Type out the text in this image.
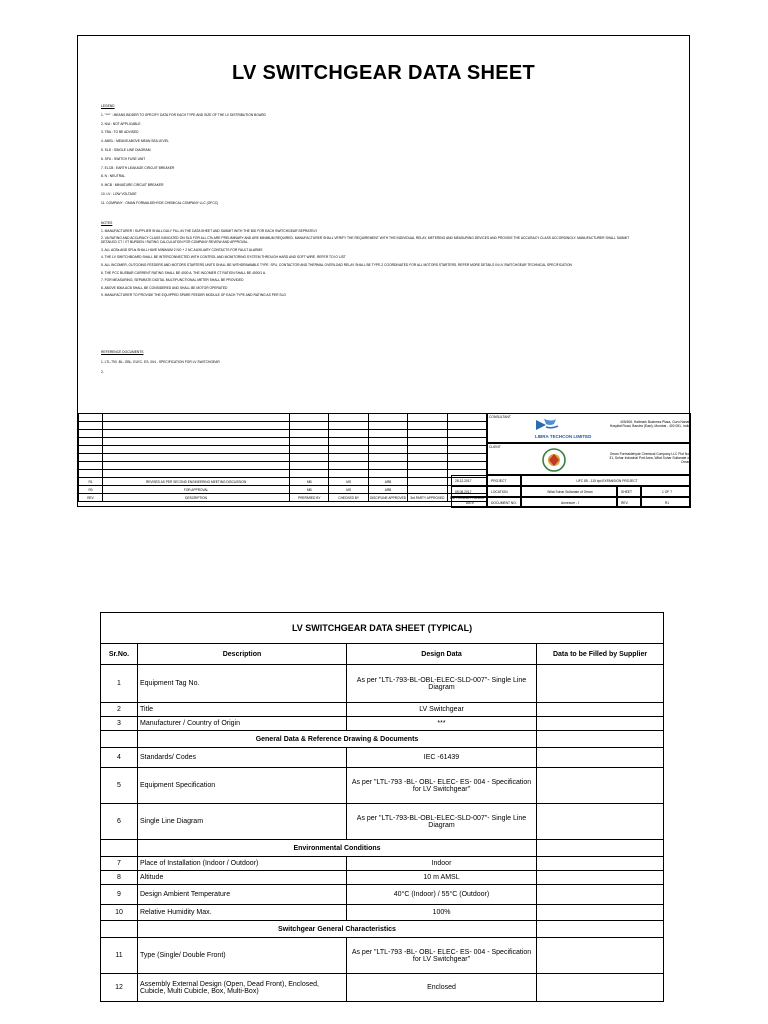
LV SWITCHGEAR DATA SHEET
LEGEND
1. "***" : MEANS BIDDER TO SPECIFY DATA FOR EACH TYPE AND SIZE OF THE LV DISTRIBUTION BOARD
2. N/A : NOT APPLICABLE
3. TBA : TO BE ADVISED
4. AMSL : MEANS ABOVE MEAN SEA LEVEL
5. SLD : SINGLE LINE DIAGRAM
6. SFU : SWITCH FUSE UNIT
7. ELCB : EARTH LEAKAGE CIRCUIT BREAKER
8. N : NEUTRAL
9. MCB : MINIATURE CIRCUIT BREAKER
10. LV : LOW VOLTAGE
11. COMPANY : OMAN FORMALDEHYDE CHEMICAL COMPANY LLC (OFCC)
NOTES
1. MANUFACTURER / SUPPLIER SHALL DULY FILL-IN THE DATA SHEET AND SUBMIT WITH THE BID FOR EACH SWITCHGEAR SEPRATELY
2. VA RATING AND ACCURACY CLASS INDICATED ON SLD FOR ALL CTs ARE PRELIMINARY AND ARE MINIMUM REQUIRED. MANUFACTURER SHALL VERIFY THE REQUIREMENT WITH THE INDIVIDUAL RELAY, METERING AND MEASURING DEVICES AND PROVIDE THE ACCURACY CLASS ACCORDINGLY. MANUFACTURER SHALL SUBMIT DETAILED CT / VT BURDEN / RATING CALCULATION FOR COMPANY REVIEW AND APPROVAL.
3. ALL ACBs AND SFUs SHALL HAVE MINIMUM 2 NO + 2 NC AUXILIARY CONTACTS FOR FAULT ALARMS
4. THE LV SWITCHBOARD SHALL BE INTERCONNECTED WITH CONTROL AND MONITORING SYSTEM THROUGH HARD AND SOFT WIRE. REFER TO IO LIST
5. ALL INCOMER, OUTGOING FEEDERS AND MOTORS STARTERS UNITS SHALL BE WITHDRAWABLE TYPE. SFU, CONTACTOR AND THERMAL OVERLOAD RELAY SHALL BE TYPE-2 COORDINATED FOR ALL MOTORS STARTERS. REFER MORE DETAILS IN LV SWITCHGEAR TECHNICAL SPECIFICATION
6. THE PCC BUSBAR CURRENT RATING SHALL BE 4000 A. THE INCOMER CT RATION SHALL BE 4000/1 A.
7. FOR MEASURING, SEPARATE DIGITAL MULTIFUNCTIONAL METER SHALL BE PROVIDED
8. ABOVE 800A ACB SHALL BE CONSIDERED AND SHALL BE MOTOR OPERATED
9. MANUFACTURER TO PROVIDE THE EQUIPPED SPARE FEEDER MODULE OF EACH TYPE AND RATING AS PER SLD
REFERENCE DOCUMENTS
1. LTL-793 -BL- OBL- ELEC- ES- 004 - SPECIFICATION FOR LV SWITCHGEAR
2.

R1	REVISED AS PER SECOND ENGINEERING MEETING DISCUSSION	MB	MS	ARB		
R0	FOR APPROVAL	MB	MS	ARB		
REV	DESCRIPTION	PREPARED BY	CHECKED BY	DISCIPLINE APPROVED	3rd PARTY APPROVED	BID FROM APPROVED
CONSULTANT
LIBRA TECHCON LIMITED
405/406, Hallmark Business Plaza, Guru Nanak Hospital Road, Bandra (East), Mumbai - 400 051, India
CLIENT
Oman Formaldehyde Chemical Company LLC Plot No. 31, Sohar Industrial Port Area, Wilat Sohar Sultanate of Oman
28.12.2017	PROJECT	UFC 85 - 115 tpd EXPANSION PROJECT
09.08.2017	LOCATION	Wilat Sohar Sultanate of Oman	SHEET	1 OF 7
DATE	DOCUMENT NO.	Annexure - I	REV.	R1
LV SWITCHGEAR DATA SHEET (TYPICAL)			
Sr.No.	Description	Design Data	Data to be Filled by Supplier
1	Equipment Tag No.	As per "LTL-793-BL-OBL-ELEC-SLD-007"- Single Line Diagram	
2	Title	LV Switchgear	
3	Manufacturer / Country of Origin	***	
	General Data & Reference Drawing & Documents		
4	Standards/ Codes	IEC -61439	
5	Equipment Specification	As per "LTL-793 -BL- OBL- ELEC- ES- 004 - Specification for LV Switchgear"	
6	Single Line Diagram	As per "LTL-793-BL-OBL-ELEC-SLD-007"- Single Line Diagram	
	Environmental Conditions		
7	Place of Installation (Indoor / Outdoor)	Indoor	
8	Altitude	10 m AMSL	
9	Design Ambient Temperature	40°C (Indoor) / 55°C (Outdoor)	
10	Relative Humidity Max.	100%	
	Switchgear General Characteristics		
11	Type (Single/ Double Front)	As per "LTL-793 -BL- OBL- ELEC- ES- 004 - Specification for LV Switchgear"	
12	Assembly External Design (Open, Dead Front), Enclosed, Cubicle, Multi Cubicle, Box, Multi-Box)	Enclosed	
